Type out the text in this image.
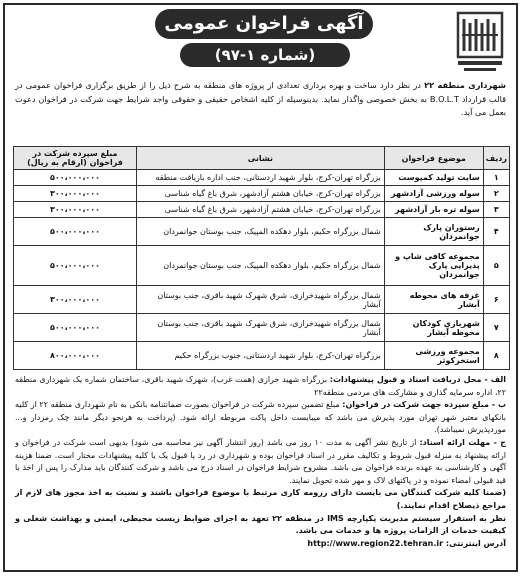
آگهی فراخوان عمومی
(شماره ۱-۹۷)
شهرداری منطقه ۲۲ در نظر دارد ساخت و بهره برداری تعدادی از پروژه های منطقه به شرح ذیل را از طریق برگزاری فراخوان عمومی در قالب قرارداد B.O.L.T به بخش خصوصی واگذار نماید. بدینوسیله از کلیه اشخاص حقیقی و حقوقی واجد شرایط جهت شرکت در فراخوان دعوت بعمل می آید.
ردیف	موضوع فراخوان	نشانی	مبلغ سپرده شرکت در فراخوان (ارقام به ریال)
۱	سایت تولید کمپوست	بزرگراه تهران-کرج، بلوار شهید اردستانی، جنب اداره بازیافت منطقه	۵۰۰،۰۰۰،۰۰۰
۲	سوله ورزشی آزادشهر	بزرگراه تهران-کرج، خیابان هشتم آزادشهر، شرق باغ گیاه شناسی	۳۰۰،۰۰۰،۰۰۰
۳	سوله تره بار آزادشهر	بزرگراه تهران-کرج، خیابان هشتم آزادشهر، شرق باغ گیاه شناسی	۳۰۰،۰۰۰،۰۰۰
۴	رستوران پارک جوانمردان	شمال بزرگراه حکیم، بلوار دهکده المپیک، جنب بوستان جوانمردان	۵۰۰،۰۰۰،۰۰۰
۵	مجموعه کافی شاپ و پذیرایی پارک جوانمردان	شمال بزرگراه حکیم، بلوار دهکده المپیک، جنب بوستان جوانمردان	۵۰۰،۰۰۰،۰۰۰
۶	غرفه های محوطه آبشار	شمال بزرگراه شهیدخرازی، شرق شهرک شهید باقری، جنب بوستان آبشار	۳۰۰،۰۰۰،۰۰۰
۷	شهربازی کودکان محوطه آبشار	شمال بزرگراه شهیدخرازی، شرق شهرک شهید باقری، جنب بوستان آبشار	۵۰۰،۰۰۰،۰۰۰
۸	مجموعه ورزشی استخرکوثر	بزرگراه تهران-کرج، بلوار شهید اردستانی، جنوب بزرگراه حکیم	۸۰۰،۰۰۰،۰۰۰

الف - محل دریافت اسناد و قبول پیشنهادات: بزرگراه شهید خرازی (همت غرب)، شهرک شهید باقری، ساختمان شماره یک شهرداری منطقه ۲۲، اداره سرمایه گذاری و مشارکت های مردمی منطقه۲۲

ب - مبلغ سپرده جهت شرکت در فراخوان: مبلغ تضمین سپرده شرکت در فراخوان بصورت ضمانتنامه بانکی به نام شهرداری منطقه ۲۲ از کلیه بانکهای معتبر شهر تهران مورد پذیرش می باشد که میبایست داخل پاکت مربوطه ارائه شود. (پرداخت به هرنحو دیگر مانند چک رمزدار و... موردپذیرش نمیباشد).

ج - مهلت ارائه اسناد: از تاریخ نشر آگهی به مدت ۱۰ روز می باشد (روز انتشار آگهی نیز محاسبه می شود) بدیهی است شرکت در فراخوان و ارائه پیشنهاد به منزله قبول شروط و تکالیف مقرر در اسناد فراخوان بوده و شهرداری در رد یا قبول یک یا کلیه پیشنهادات مختار است. ضمنا هزینه آگهی و کارشناسی به عهده برنده فراخوان می باشد. مشروح شرایط فراخوان در اسناد درج می باشد و شرکت کنندگان باید مدارک را پس از اخذ با قید قبولی امضاء نموده و در پاکتهای لاک و مهر شده تحویل نمایند.

(ضمنا کلیه شرکت کنندگان می بایست دارای رزومه کاری مرتبط با موضوع فراخوان باشند و نسبت به اخذ مجوز های لازم از مراجع ذیصلاح اقدام نمایند.)

نظر به استقرار سیستم مدیریت یکپارچه IMS در منطقه ۲۲ تعهد به اجرای ضوابط زیست محیطی، ایمنی و بهداشت شغلی و کیفیت خدمات از الزامات پروژه ها و خدمات می باشد.

آدرس اینترنتی: http://www.region22.tehran.ir
